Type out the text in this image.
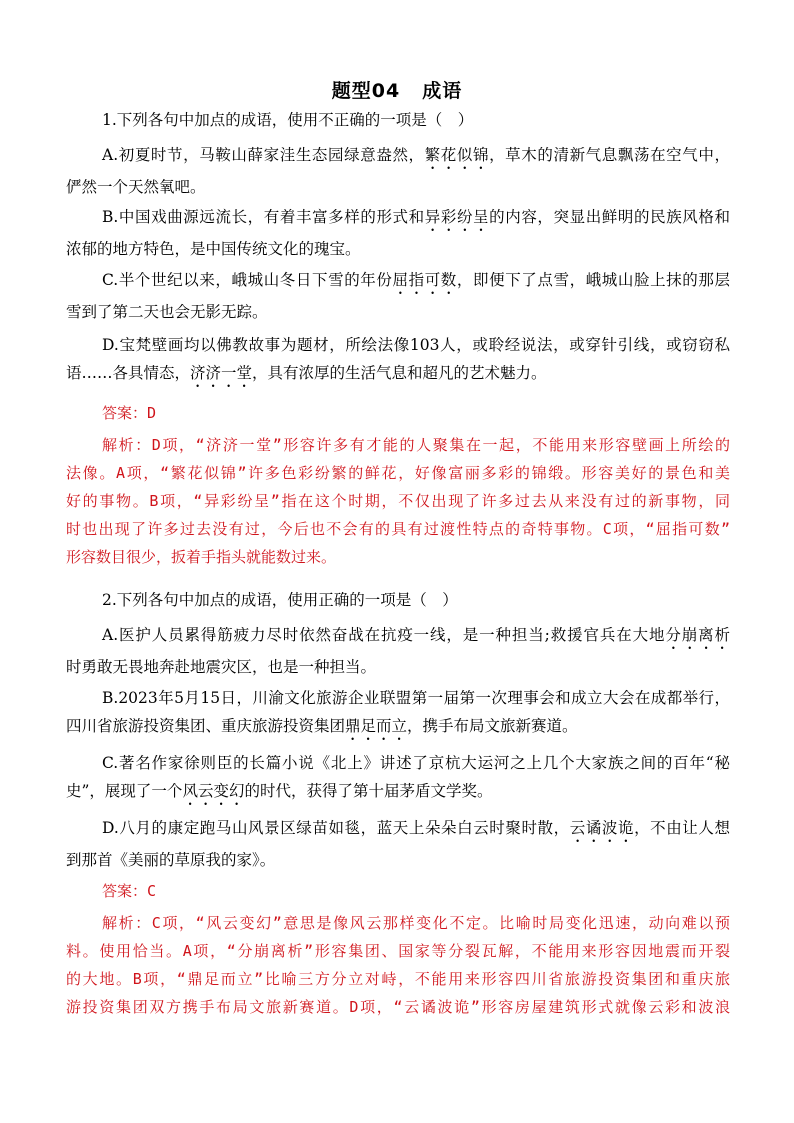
题型04 成语
1.下列各句中加点的成语，使用不正确的一项是（　）
A.初夏时节，马鞍山薛家洼生态园绿意盎然，繁花似锦，草木的清新气息飘荡在空气中，
俨然一个天然氧吧。
B.中国戏曲源远流长，有着丰富多样的形式和异彩纷呈的内容，突显出鲜明的民族风格和
浓郁的地方特色，是中国传统文化的瑰宝。
C.半个世纪以来，峨城山冬日下雪的年份屈指可数，即便下了点雪，峨城山脸上抹的那层
雪到了第二天也会无影无踪。
D.宝梵壁画均以佛教故事为题材，所绘法像103人，或聆经说法，或穿针引线，或窃窃私
语……各具情态，济济一堂，具有浓厚的生活气息和超凡的艺术魅力。
答案：D
解析：D项，“济济一堂”形容许多有才能的人聚集在一起，不能用来形容壁画上所绘的
法像。A项，“繁花似锦”许多色彩纷繁的鲜花，好像富丽多彩的锦缎。形容美好的景色和美
好的事物。B项，“异彩纷呈”指在这个时期，不仅出现了许多过去从来没有过的新事物，同
时也出现了许多过去没有过，今后也不会有的具有过渡性特点的奇特事物。C项，“屈指可数”
形容数目很少，扳着手指头就能数过来。
2.下列各句中加点的成语，使用正确的一项是（　）
A.医护人员累得筋疲力尽时依然奋战在抗疫一线，是一种担当;救援官兵在大地分崩离析
时勇敢无畏地奔赴地震灾区，也是一种担当。
B.2023年5月15日，川渝文化旅游企业联盟第一届第一次理事会和成立大会在成都举行，
四川省旅游投资集团、重庆旅游投资集团鼎足而立，携手布局文旅新赛道。
C.著名作家徐则臣的长篇小说《北上》讲述了京杭大运河之上几个大家族之间的百年“秘
史”，展现了一个风云变幻的时代，获得了第十届茅盾文学奖。
D.八月的康定跑马山风景区绿苗如毯，蓝天上朵朵白云时聚时散，云谲波诡，不由让人想
到那首《美丽的草原我的家》。
答案：C
解析：C项，“风云变幻”意思是像风云那样变化不定。比喻时局变化迅速，动向难以预
料。使用恰当。A项，“分崩离析”形容集团、国家等分裂瓦解，不能用来形容因地震而开裂
的大地。B项，“鼎足而立”比喻三方分立对峙，不能用来形容四川省旅游投资集团和重庆旅
游投资集团双方携手布局文旅新赛道。D项，“云谲波诡”形容房屋建筑形式就像云彩和波浪
